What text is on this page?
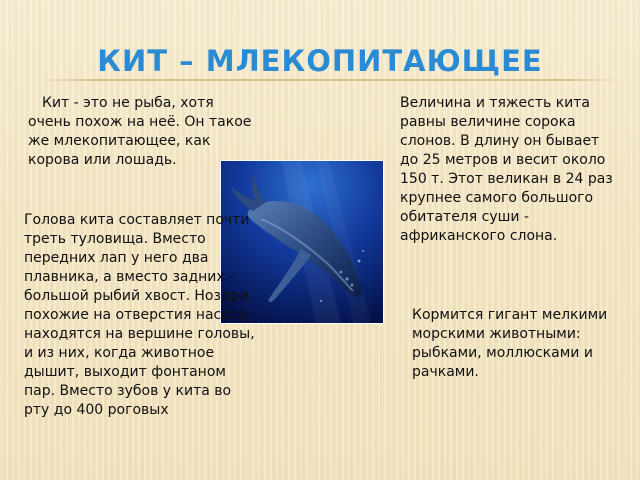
КИТ – МЛЕКОПИТАЮЩЕЕ

Кит - это не рыба, хотя очень похож на неё. Он такое же млекопитающее, как корова или лошадь.

Голова кита составляет почти треть туловища. Вместо передних лап у него два плавника, а вместо задних - большой рыбий хвост. Ноздри, похожие на отверстия насоса, находятся на вершине головы, и из них, когда животное дышит, выходит фонтаном пар. Вместо зубов у кита во рту до 400 роговых

Величина и тяжесть кита равны величине сорока слонов. В длину он бывает до 25 метров и весит около 150 т. Этот великан в 24 раз крупнее самого большого обитателя суши - африканского слона.

Кормится гигант мелкими морскими животными: рыбками, моллюсками и рачками.
